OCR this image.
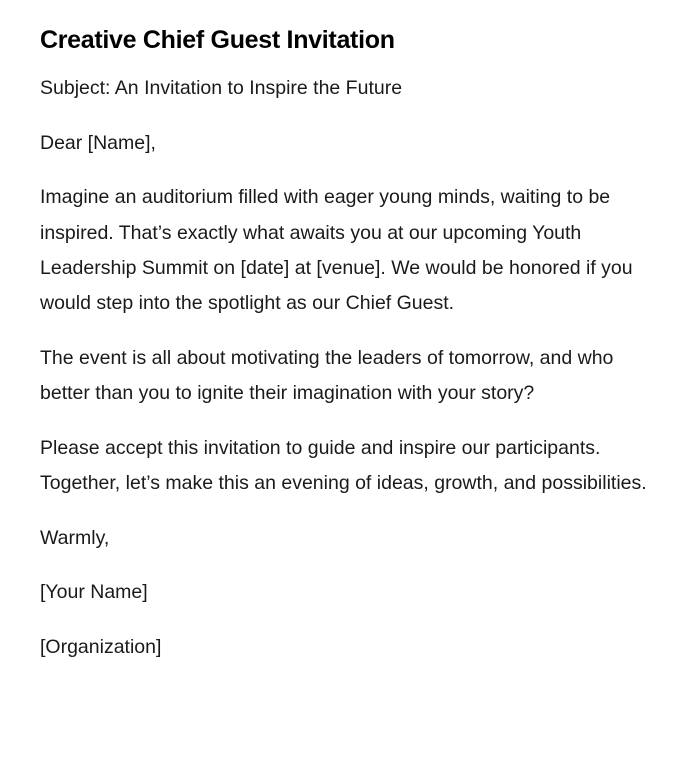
Creative Chief Guest Invitation

Subject: An Invitation to Inspire the Future

Dear [Name],

Imagine an auditorium filled with eager young minds, waiting to be inspired. That’s exactly what awaits you at our upcoming Youth Leadership Summit on [date] at [venue]. We would be honored if you would step into the spotlight as our Chief Guest.

The event is all about motivating the leaders of tomorrow, and who better than you to ignite their imagination with your story?

Please accept this invitation to guide and inspire our participants. Together, let’s make this an evening of ideas, growth, and possibilities.

Warmly,

[Your Name]

[Organization]
